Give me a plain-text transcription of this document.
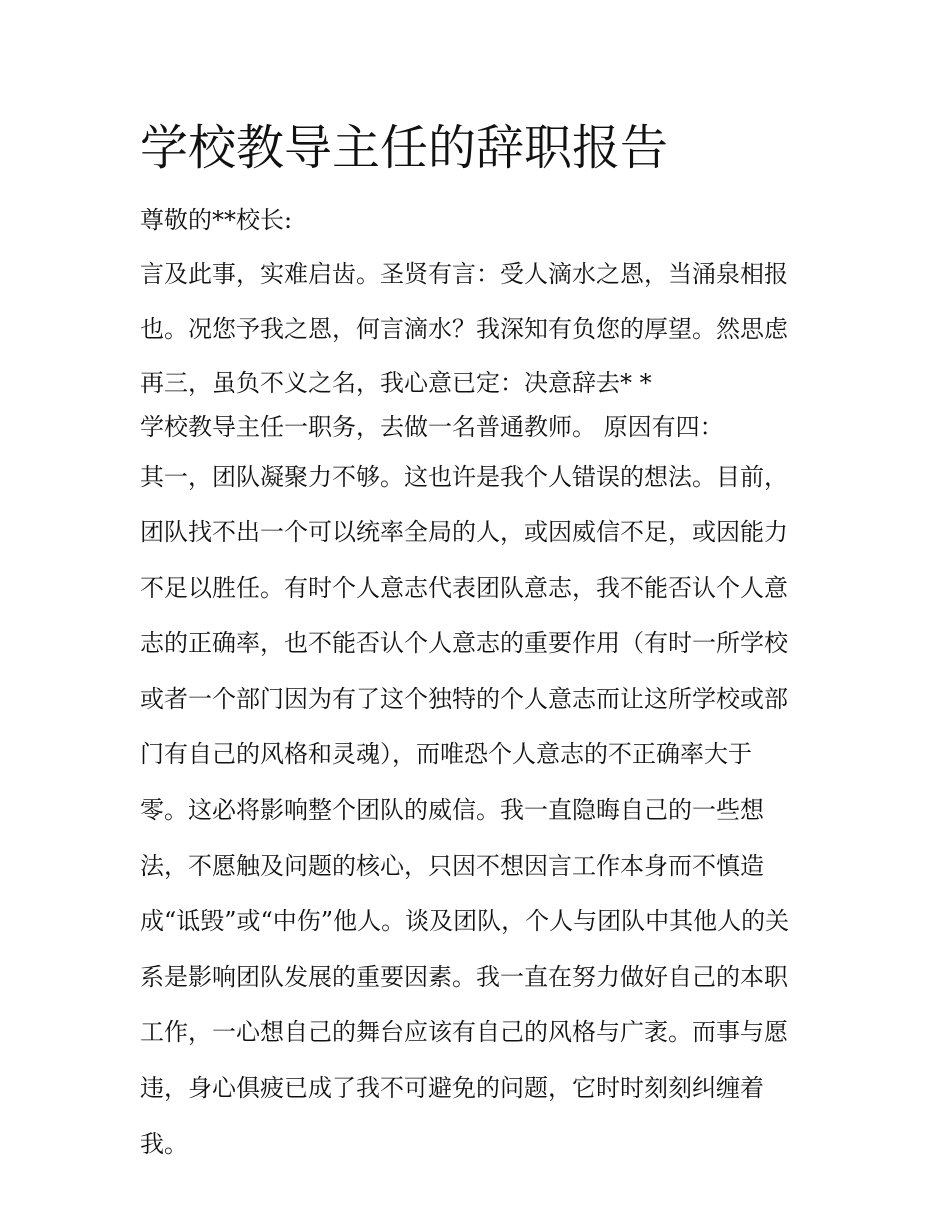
学校教导主任的辞职报告
尊敬的**校长:
言及此事，实难启齿。圣贤有言：受人滴水之恩，当涌泉相报
也。况您予我之恩，何言滴水？我深知有负您的厚望。然思虑
再三，虽负不义之名，我心意已定：决意辞去* *
学校教导主任一职务，去做一名普通教师。 原因有四：
其一，团队凝聚力不够。这也许是我个人错误的想法。目前，
团队找不出一个可以统率全局的人，或因威信不足，或因能力
不足以胜任。有时个人意志代表团队意志，我不能否认个人意
志的正确率，也不能否认个人意志的重要作用（有时一所学校
或者一个部门因为有了这个独特的个人意志而让这所学校或部
门有自己的风格和灵魂），而唯恐个人意志的不正确率大于
零。这必将影响整个团队的威信。我一直隐晦自己的一些想
法，不愿触及问题的核心，只因不想因言工作本身而不慎造
成“诋毁”或“中伤”他人。谈及团队，个人与团队中其他人的关
系是影响团队发展的重要因素。我一直在努力做好自己的本职
工作，一心想自己的舞台应该有自己的风格与广袤。而事与愿
违，身心俱疲已成了我不可避免的问题，它时时刻刻纠缠着
我。
